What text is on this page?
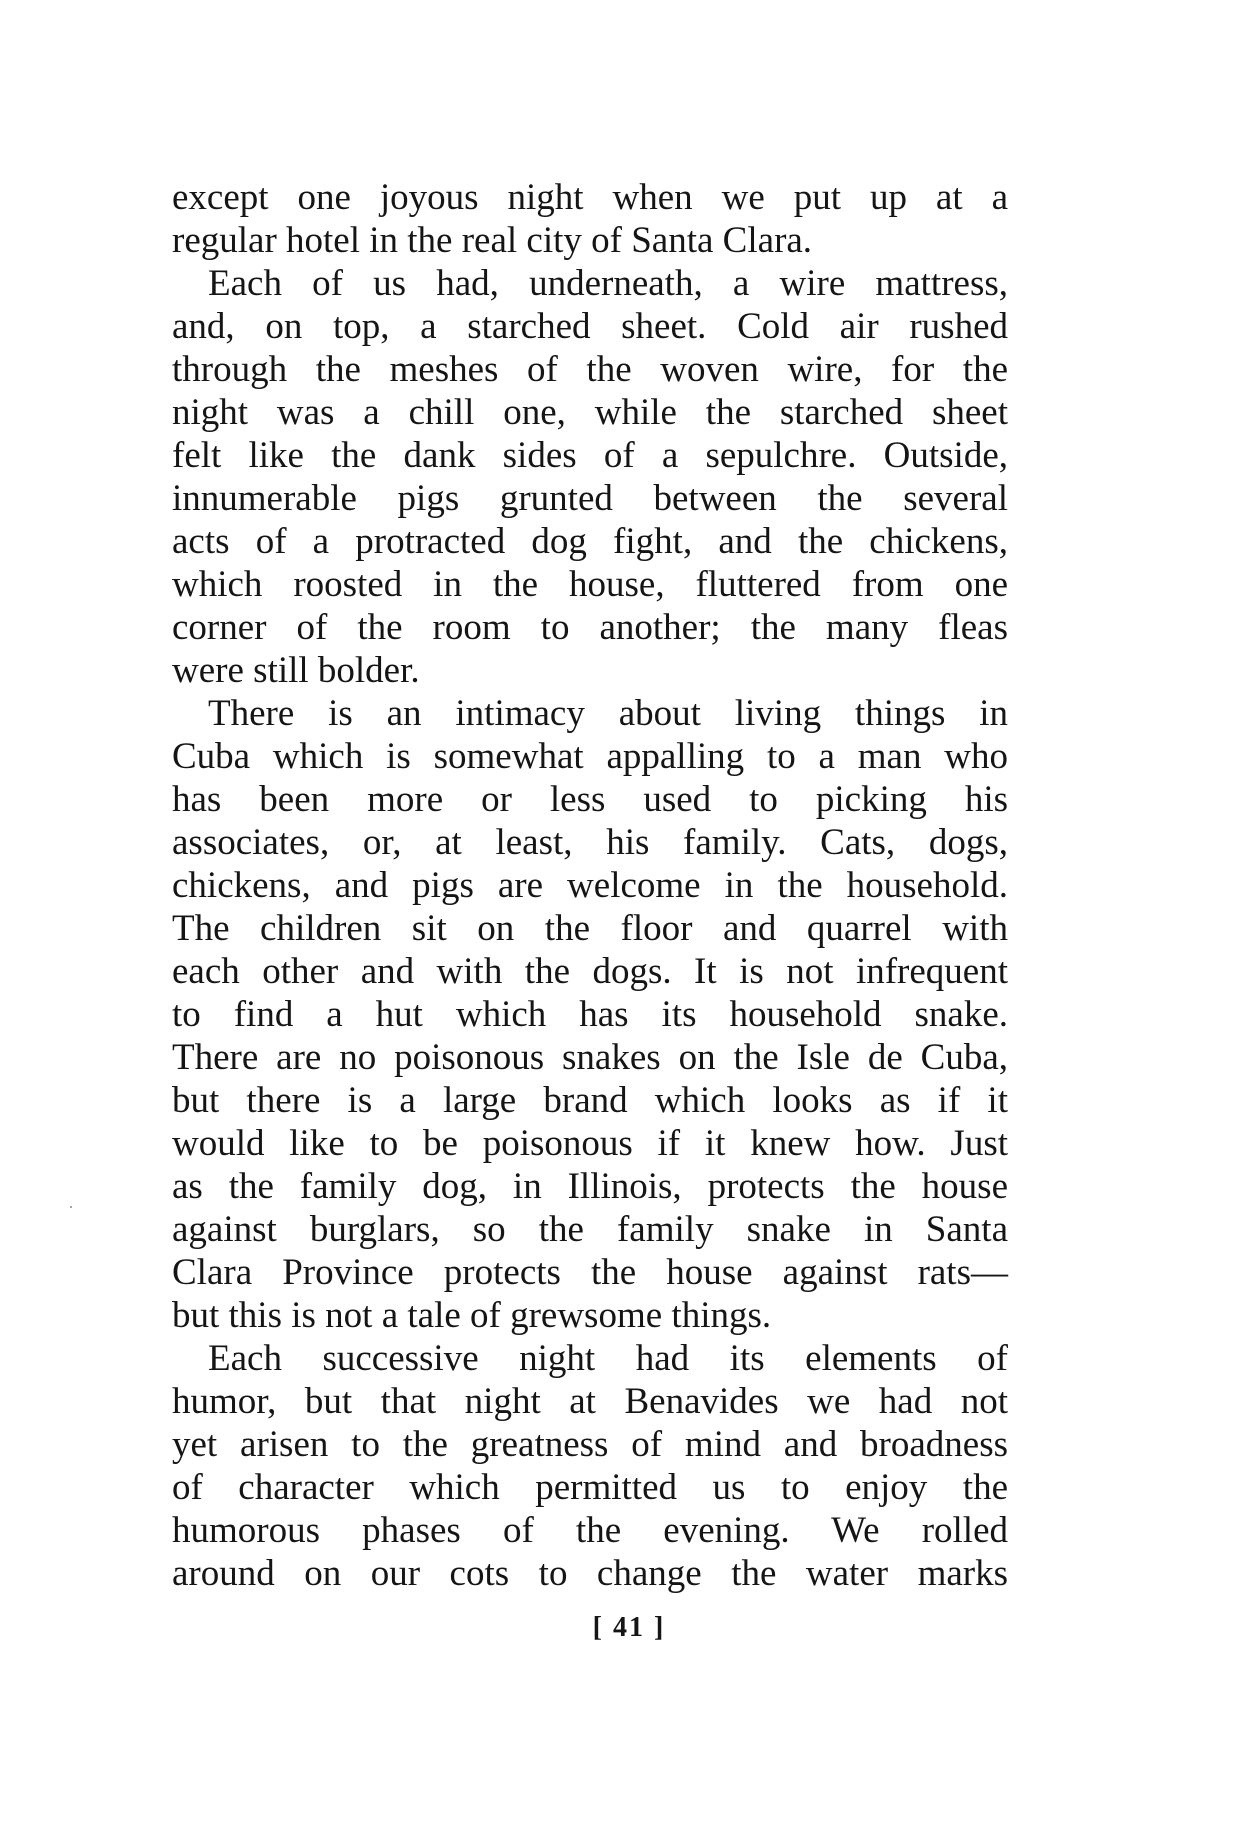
except one joyous night when we put up at a
regular hotel in the real city of Santa Clara.
Each of us had, underneath, a wire mattress,
and, on top, a starched sheet. Cold air rushed
through the meshes of the woven wire, for the
night was a chill one, while the starched sheet
felt like the dank sides of a sepulchre. Outside,
innumerable pigs grunted between the several
acts of a protracted dog fight, and the chickens,
which roosted in the house, fluttered from one
corner of the room to another; the many fleas
were still bolder.
There is an intimacy about living things in
Cuba which is somewhat appalling to a man who
has been more or less used to picking his
associates, or, at least, his family. Cats, dogs,
chickens, and pigs are welcome in the household.
The children sit on the floor and quarrel with
each other and with the dogs. It is not infrequent
to find a hut which has its household snake.
There are no poisonous snakes on the Isle de Cuba,
but there is a large brand which looks as if it
would like to be poisonous if it knew how. Just
as the family dog, in Illinois, protects the house
against burglars, so the family snake in Santa
Clara Province protects the house against rats—
but this is not a tale of grewsome things.
Each successive night had its elements of
humor, but that night at Benavides we had not
yet arisen to the greatness of mind and broadness
of character which permitted us to enjoy the
humorous phases of the evening. We rolled
around on our cots to change the water marks
[ 41 ]
